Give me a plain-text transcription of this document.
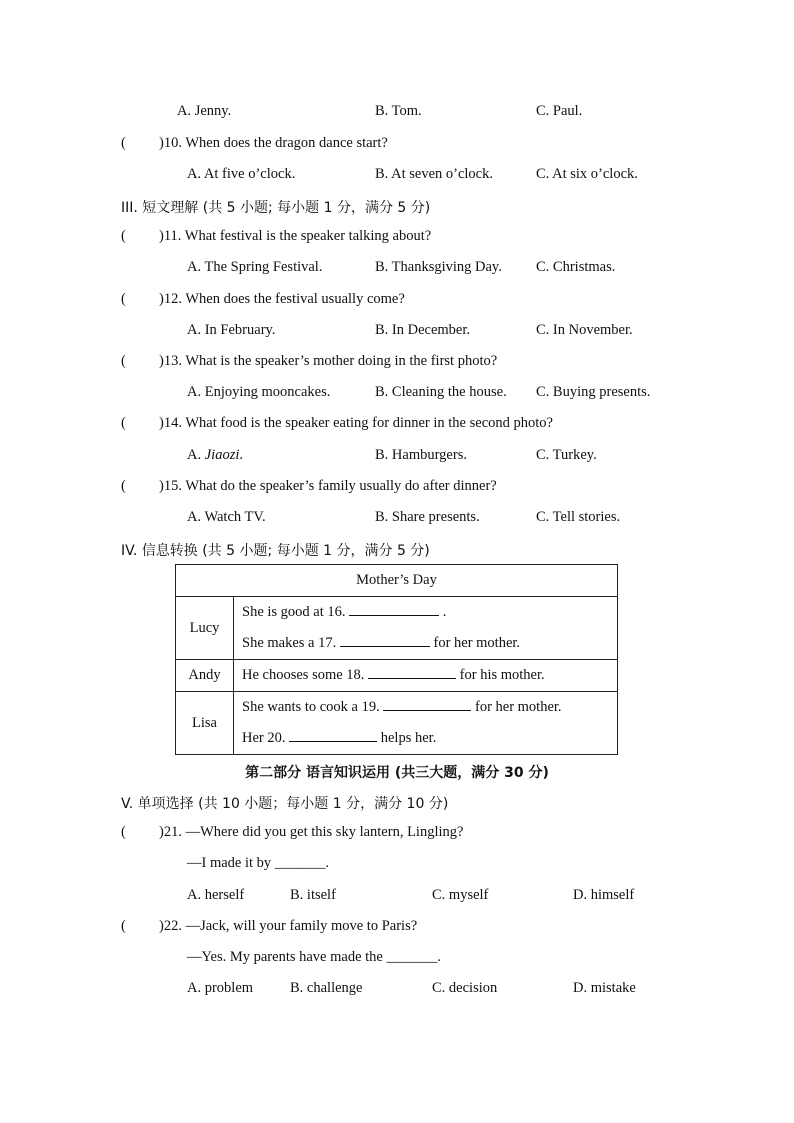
A. Jenny.	B. Tom.	C. Paul.
( )10. When does the dragon dance start?
A. At five o’clock.	B. At seven o’clock.	C. At six o’clock.
III. 短文理解 (共 5 小题; 每小题 1 分，满分 5 分)
( )11. What festival is the speaker talking about?
A. The Spring Festival.	B. Thanksgiving Day. C. Christmas.
( )12. When does the festival usually come?
A. In February.	B. In December.	C. In November.
( )13. What is the speaker’s mother doing in the first photo?
A. Enjoying mooncakes.	B. Cleaning the house. C. Buying presents.
( )14. What food is the speaker eating for dinner in the second photo?
A. Jiaozi.	B. Hamburgers.	C. Turkey.
( )15. What do the speaker’s family usually do after dinner?
A. Watch TV.	B. Share presents.	C. Tell stories.
IV. 信息转换 (共 5 小题; 每小题 1 分，满分 5 分)
Mother’s Day	
Lucy	She is good at 16. .
She makes a 17. for her mother.

Andy	He chooses some 18. for his mother.

Lisa	She wants to cook a 19. for her mother.
Her 20. helps her.
第二部分 语言知识运用 (共三大题，满分 30 分)
V. 单项选择 (共 10 小题；每小题 1 分，满分 10 分)
( )21. —Where did you get this sky lantern, Lingling?
—I made it by _______.
A. herself	B. itself	C. myself	D. himself
( )22. —Jack, will your family move to Paris?
—Yes. My parents have made the _______.
A. problem	B. challenge	C. decision	D. mistake
